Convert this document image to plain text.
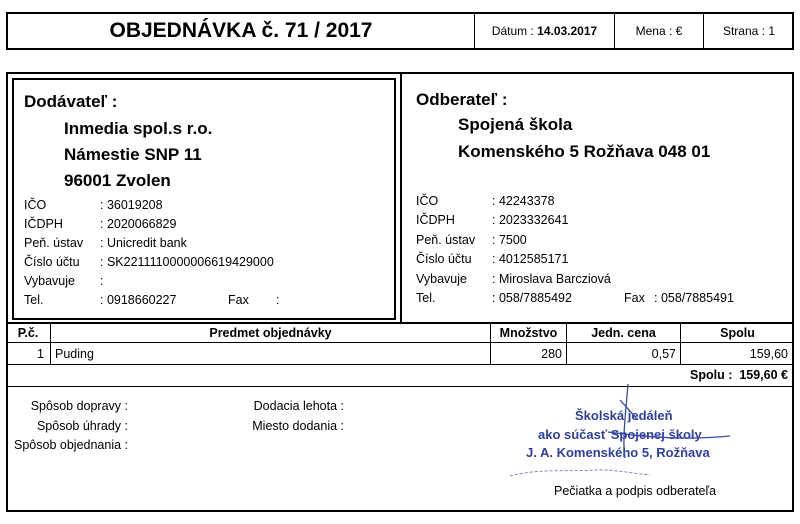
OBJEDNÁVKA č. 71 / 2017	Dátum :
14.03.2017	Mena :
€	Strana :
1
Dodávateľ :
Inmedia spol.s r.o.
Námestie SNP 11
96001 Zvolen
IČO	: 36019208
IČDPH	: 2020066829
Peň. ústav : Unicredit bank
Číslo účtu : SK2211110000006619429000
Vybavuje :
Tel.	: 0918660227	Fax :
Odberateľ :
Spojená škola
Komenského 5 Rožňava 048 01
IČO	: 42243378
IČDPH	: 2023332641
Peň. ústav : 7500
Číslo účtu : 4012585171
Vybavuje : Miroslava Barcziová
Tel.	: 058/7885492	Fax : 058/7885491
P.č.	Predmet objednávky	Množstvo	Jedn. cena	Spolu
1 Puding	280	0,57	159,60
Spolu : 159,60 €
Spôsob dopravy :
Spôsob úhrady :
Spôsob objednania :
Dodacia lehota :
Miesto dodania :
Školská jedáleň
ako súčasť Spojenej školy
J. A. Komenského 5, Rožňava
Pečiatka a podpis odberateľa
